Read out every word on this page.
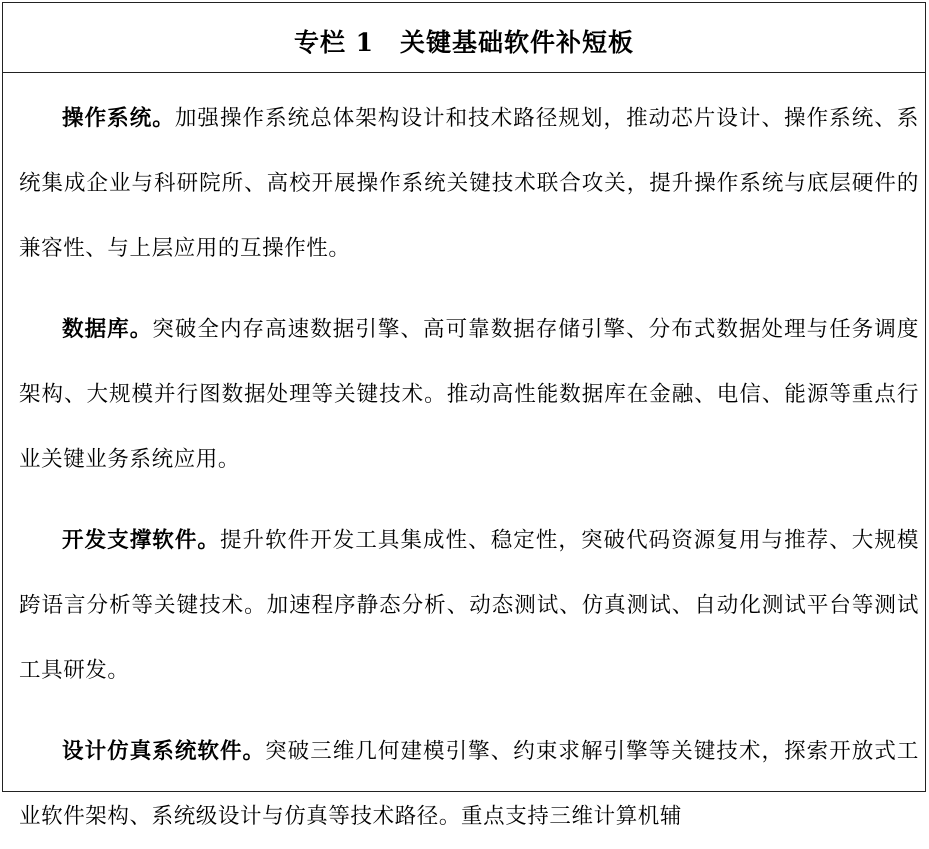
专栏 1　关键基础软件补短板

操作系统。加强操作系统总体架构设计和技术路径规划，推动芯片设计、操作系统、系统集成企业与科研院所、高校开展操作系统关键技术联合攻关，提升操作系统与底层硬件的兼容性、与上层应用的互操作性。

数据库。突破全内存高速数据引擎、高可靠数据存储引擎、分布式数据处理与任务调度架构、大规模并行图数据处理等关键技术。推动高性能数据库在金融、电信、能源等重点行业关键业务系统应用。

开发支撑软件。提升软件开发工具集成性、稳定性，突破代码资源复用与推荐、大规模跨语言分析等关键技术。加速程序静态分析、动态测试、仿真测试、自动化测试平台等测试工具研发。

设计仿真系统软件。突破三维几何建模引擎、约束求解引擎等关键技术，探索开放式工业软件架构、系统级设计与仿真等技术路径。重点支持三维计算机辅
